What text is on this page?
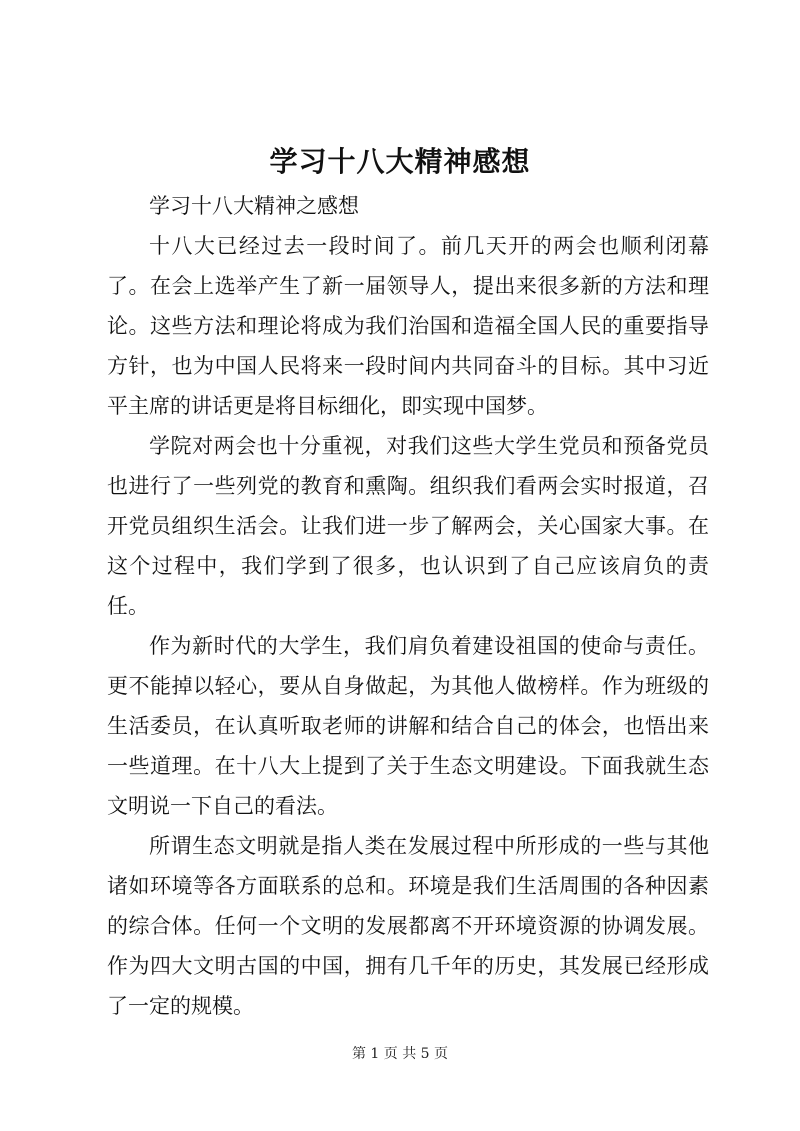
学习十八大精神感想

学习十八大精神之感想

十八大已经过去一段时间了。前几天开的两会也顺利闭幕了。在会上选举产生了新一届领导人，提出来很多新的方法和理论。这些方法和理论将成为我们治国和造福全国人民的重要指导方针，也为中国人民将来一段时间内共同奋斗的目标。其中习近平主席的讲话更是将目标细化，即实现中国梦。

学院对两会也十分重视，对我们这些大学生党员和预备党员也进行了一些列党的教育和熏陶。组织我们看两会实时报道，召开党员组织生活会。让我们进一步了解两会，关心国家大事。在这个过程中，我们学到了很多，也认识到了自己应该肩负的责任。

作为新时代的大学生，我们肩负着建设祖国的使命与责任。更不能掉以轻心，要从自身做起，为其他人做榜样。作为班级的生活委员，在认真听取老师的讲解和结合自己的体会，也悟出来一些道理。在十八大上提到了关于生态文明建设。下面我就生态文明说一下自己的看法。

所谓生态文明就是指人类在发展过程中所形成的一些与其他诸如环境等各方面联系的总和。环境是我们生活周围的各种因素的综合体。任何一个文明的发展都离不开环境资源的协调发展。作为四大文明古国的中国，拥有几千年的历史，其发展已经形成了一定的规模。

第 1 页 共 5 页
